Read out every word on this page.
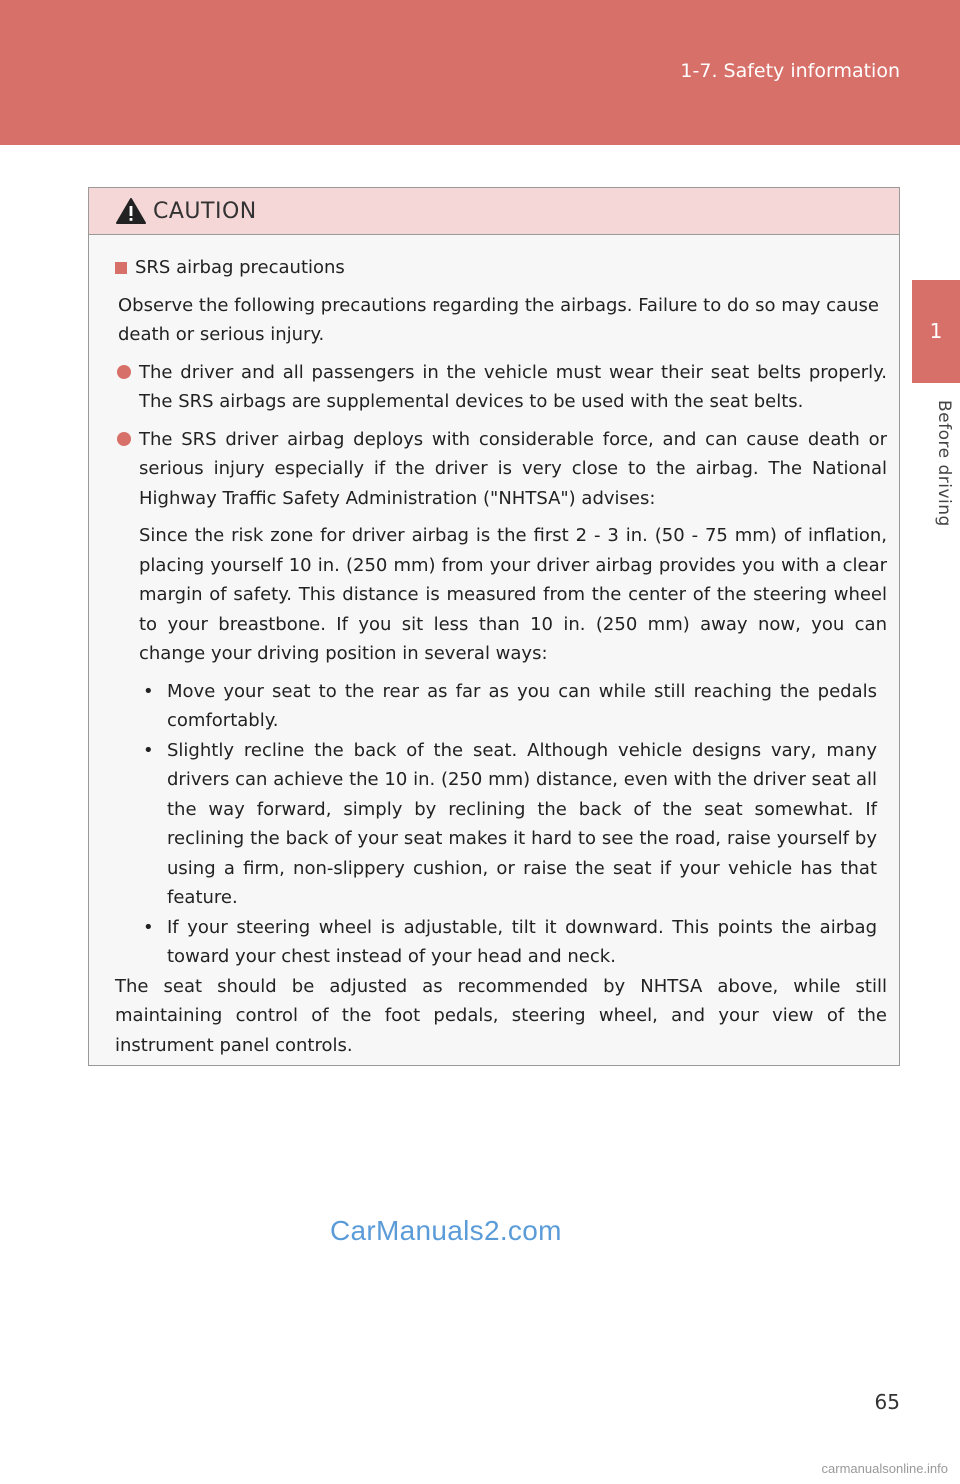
1-7. Safety information
1
Before driving
CAUTION
SRS airbag precautions
Observe the following precautions regarding the airbags. Failure to do so may cause death or serious injury.
The driver and all passengers in the vehicle must wear their seat belts properly. The SRS airbags are supplemental devices to be used with the seat belts.
The SRS driver airbag deploys with considerable force, and can cause death or serious injury especially if the driver is very close to the airbag. The National Highway Traffic Safety Administration ("NHTSA") advises:
Since the risk zone for driver airbag is the first 2 - 3 in. (50 - 75 mm) of inflation, placing yourself 10 in. (250 mm) from your driver airbag provides you with a clear margin of safety. This distance is measured from the center of the steering wheel to your breastbone. If you sit less than 10 in. (250 mm) away now, you can change your driving position in several ways:
• Move your seat to the rear as far as you can while still reaching the pedals comfortably.
• Slightly recline the back of the seat. Although vehicle designs vary, many drivers can achieve the 10 in. (250 mm) distance, even with the driver seat all the way forward, simply by reclining the back of the seat somewhat. If reclining the back of your seat makes it hard to see the road, raise yourself by using a firm, non-slippery cushion, or raise the seat if your vehicle has that feature.
• If your steering wheel is adjustable, tilt it downward. This points the airbag toward your chest instead of your head and neck.
The seat should be adjusted as recommended by NHTSA above, while still maintaining control of the foot pedals, steering wheel, and your view of the instrument panel controls.
CarManuals2.com
65
carmanualsonline.info
